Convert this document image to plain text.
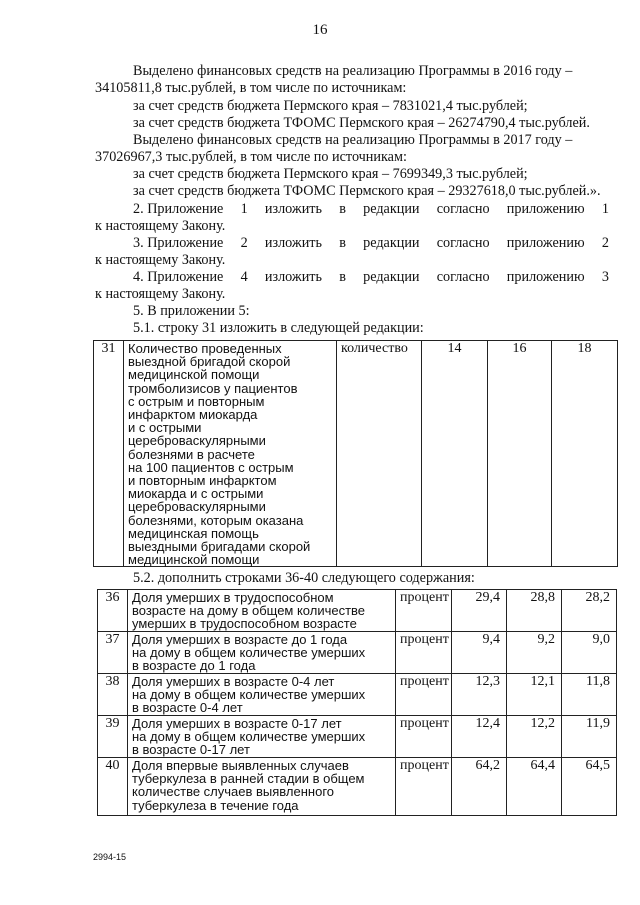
16
Выделено финансовых средств на реализацию Программы в 2016 году –
34105811,8 тыс.рублей, в том числе по источникам:
за счет средств бюджета Пермского края – 7831021,4 тыс.рублей;
за счет средств бюджета ТФОМС Пермского края – 26274790,4 тыс.рублей.
Выделено финансовых средств на реализацию Программы в 2017 году –
37026967,3 тыс.рублей, в том числе по источникам:
за счет средств бюджета Пермского края – 7699349,3 тыс.рублей;
за счет средств бюджета ТФОМС Пермского края – 29327618,0 тыс.рублей.».
2. Приложение 1 изложить в редакции согласно приложению 1
к настоящему Закону.
3. Приложение 2 изложить в редакции согласно приложению 2
к настоящему Закону.
4. Приложение 4 изложить в редакции согласно приложению 3
к настоящему Закону.
5. В приложении 5:
5.1. строку 31 изложить в следующей редакции:
31	Количество проведенных
выездной бригадой скорой
медицинской помощи
тромболизисов у пациентов
с острым и повторным
инфарктом миокарда
и с острыми
цереброваскулярными
болезнями в расчете
на 100 пациентов с острым
и повторным инфарктом
миокарда и с острыми
цереброваскулярными
болезнями, которым оказана
медицинская помощь
выездными бригадами скорой
медицинской помощи	количество	14	16	18
5.2. дополнить строками 36-40 следующего содержания:
36	Доля умерших в трудоспособном
возрасте на дому в общем количестве
умерших в трудоспособном возрасте	процент	29,4	28,8	28,2
37	Доля умерших в возрасте до 1 года
на дому в общем количестве умерших
в возрасте до 1 года	процент	9,4	9,2	9,0
38	Доля умерших в возрасте 0-4 лет
на дому в общем количестве умерших
в возрасте 0-4 лет	процент	12,3	12,1	11,8
39	Доля умерших в возрасте 0-17 лет
на дому в общем количестве умерших
в возрасте 0-17 лет	процент	12,4	12,2	11,9
40	Доля впервые выявленных случаев
туберкулеза в ранней стадии в общем
количестве случаев выявленного
туберкулеза в течение года	процент	64,2	64,4	64,5
2994-15
